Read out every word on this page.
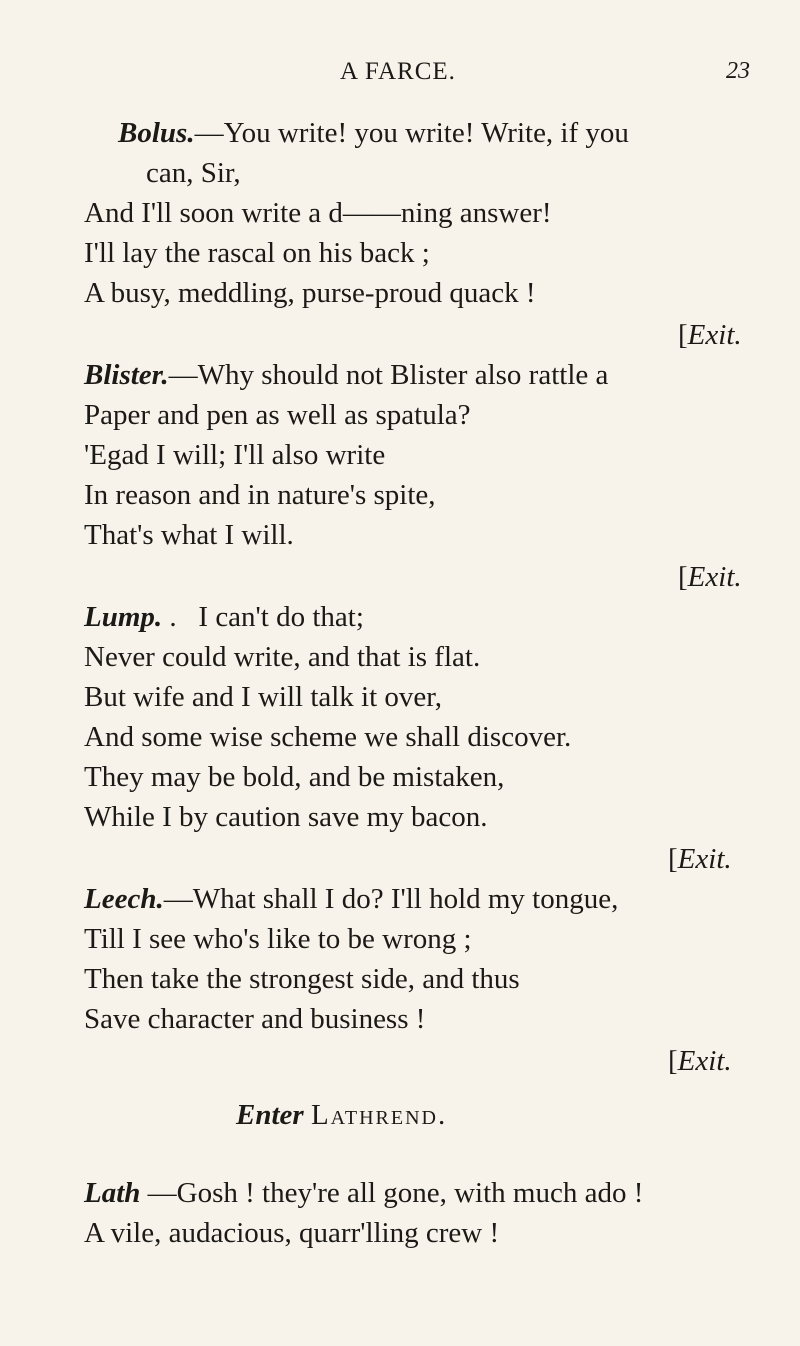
A FARCE.	23
Bolus.—You write! you write! Write, if you
can, Sir,
And I'll soon write a d——ning answer!
I'll lay the rascal on his back ;
A busy, meddling, purse-proud quack !
[Exit.
Blister.—Why should not Blister also rattle a
Paper and pen as well as spatula?
'Egad I will; I'll also write
In reason and in nature's spite,
That's what I will.
[Exit.
Lump. .   I can't do that;
Never could write, and that is flat.
But wife and I will talk it over,
And some wise scheme we shall discover.
They may be bold, and be mistaken,
While I by caution save my bacon.
[Exit.
Leech.—What shall I do? I'll hold my tongue,
Till I see who's like to be wrong ;
Then take the strongest side, and thus
Save character and business !
[Exit.
Enter Lathrend.
Lath —Gosh ! they're all gone, with much ado !
A vile, audacious, quarr'lling crew !
